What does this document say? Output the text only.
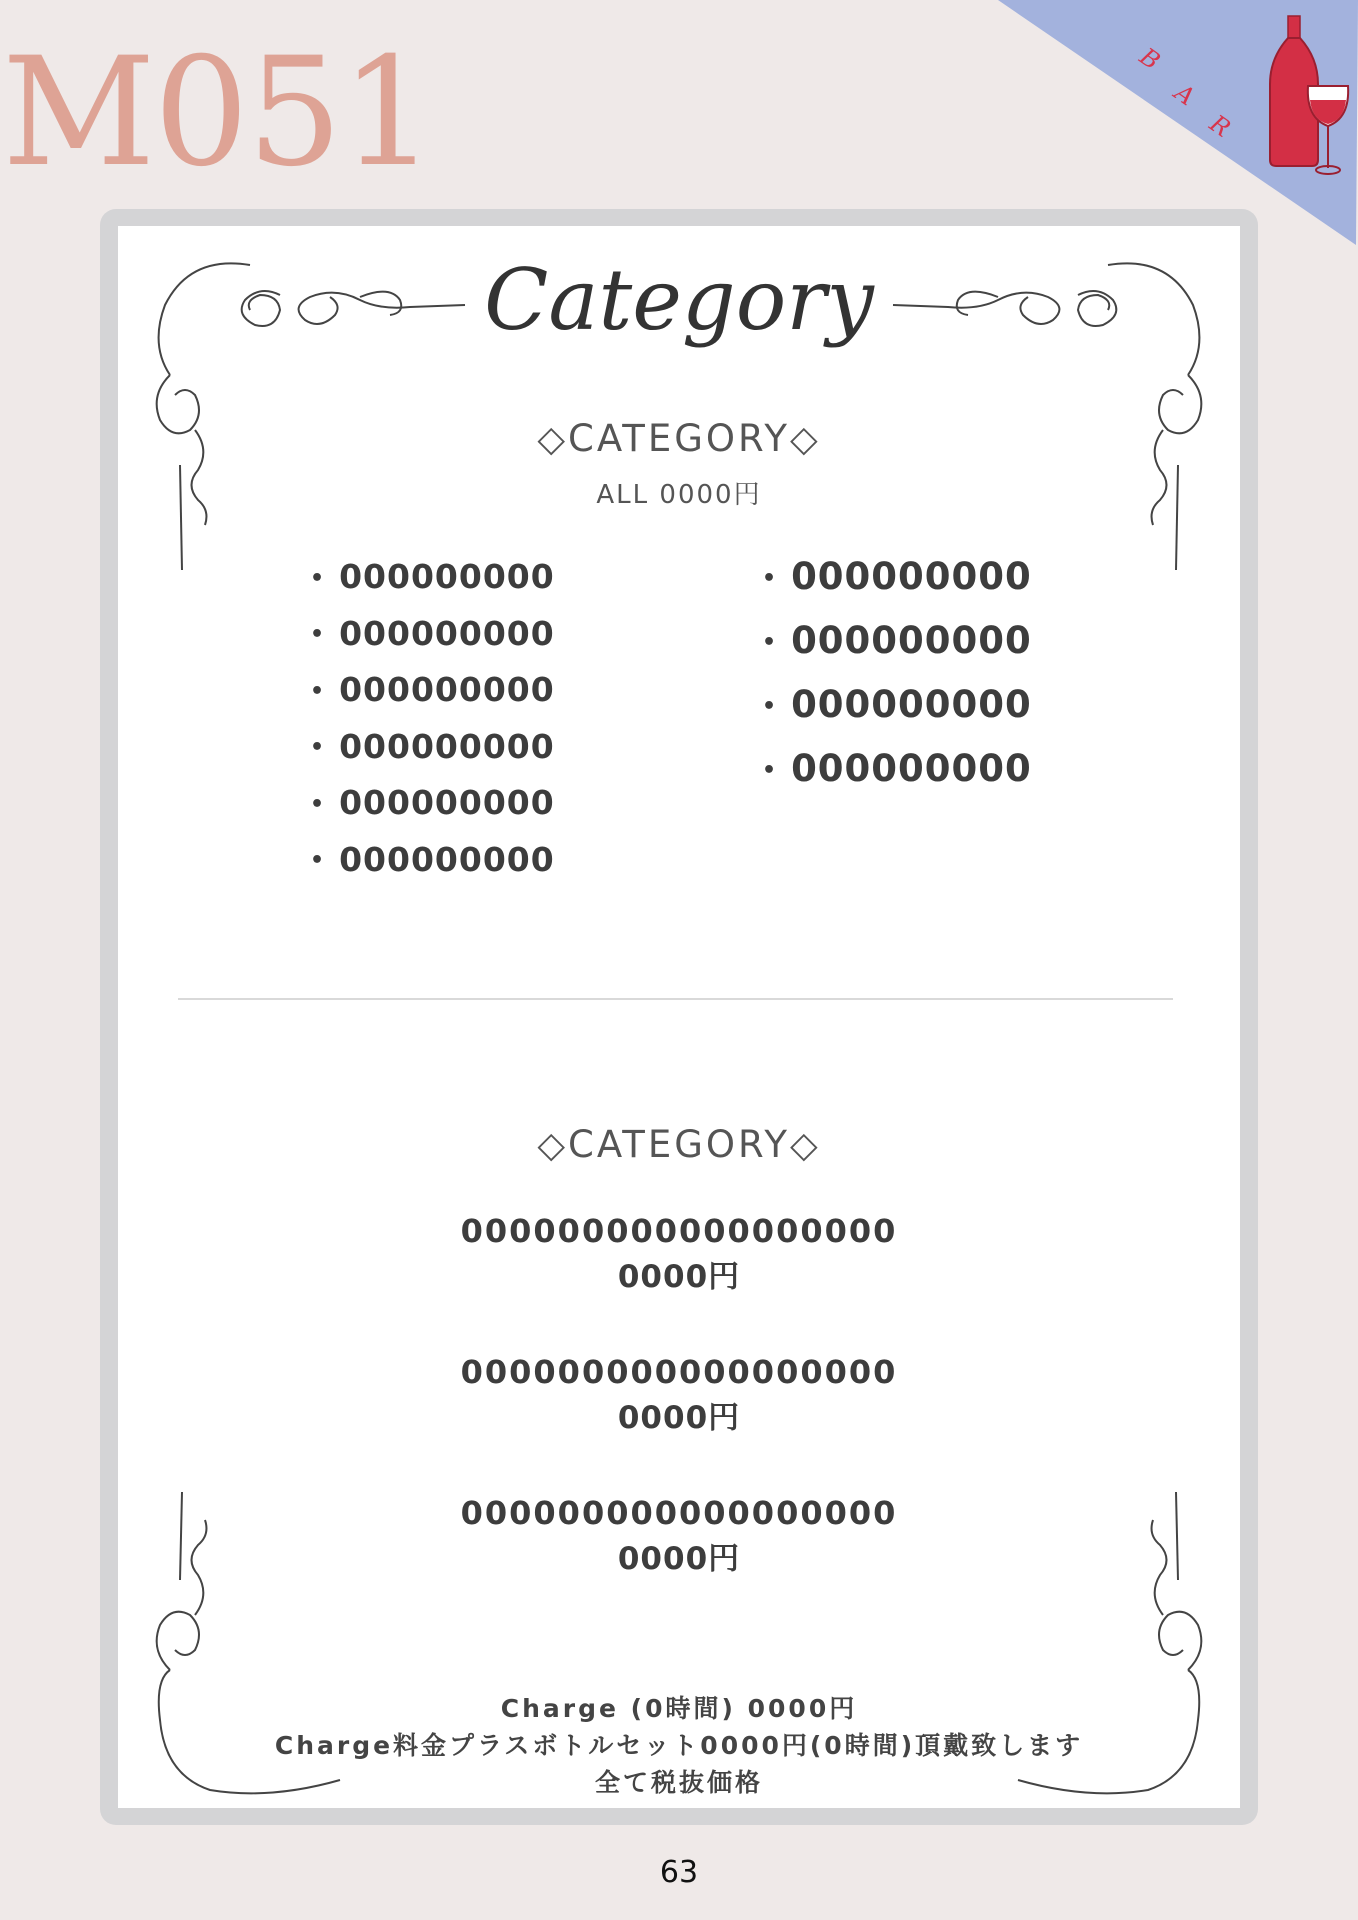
M051	B
A
R
Category
◇CATEGORY◇
ALL 0000円
• 000000000
• 000000000
• 000000000
• 000000000
• 000000000
• 000000000
• 000000000
• 000000000
• 000000000
• 000000000
◇CATEGORY◇
000000000000000000
0000円
000000000000000000
0000円
000000000000000000
0000円
Charge (0時間) 0000円
Charge料金プラスボトルセット0000円(0時間)頂戴致します
全て税抜価格
63
